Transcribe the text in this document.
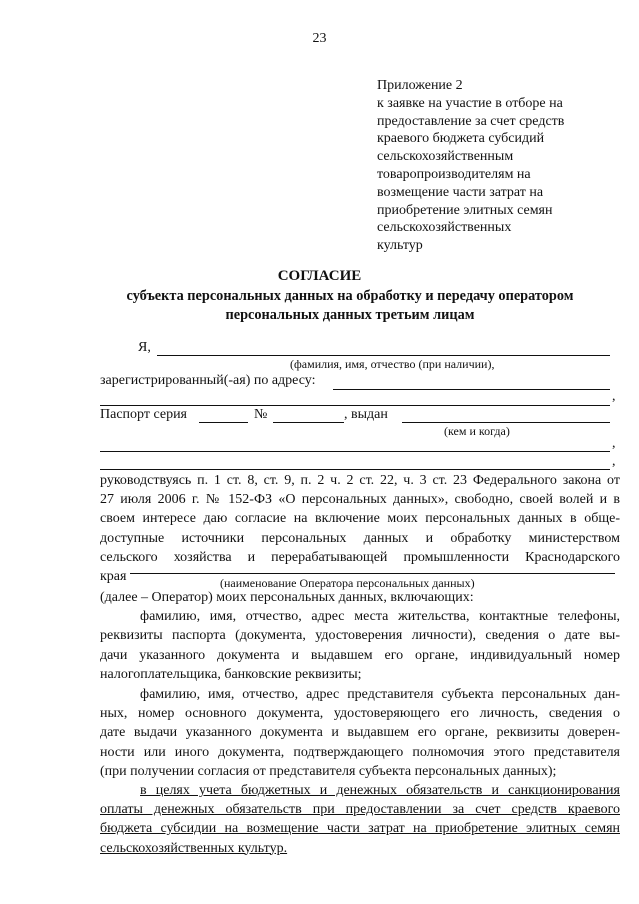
23
Приложение 2
к заявке на участие в отборе на
предоставление за счет средств
краевого бюджета субсидий
сельскохозяйственным
товаропроизводителям на
возмещение части затрат на
приобретение элитных семян
сельскохозяйственных
культур
СОГЛАСИЕ
субъекта персональных данных на обработку и передачу оператором
персональных данных третьим лицам
Я,
(фамилия, имя, отчество (при наличии),
зарегистрированный(-ая) по адресу:
,
Паспорт серия	№	, выдан
(кем и когда)
,
,
руководствуясь п. 1 ст. 8, ст. 9, п. 2 ч. 2 ст. 22, ч. 3 ст. 23 Федерального закона от
27 июля 2006 г. № 152-ФЗ «О персональных данных», свободно, своей волей и в
своем интересе даю согласие на включение моих персональных данных в обще-
доступные источники персональных данных и обработку министерством
сельского хозяйства и перерабатывающей промышленности Краснодарского
края	(наименование Оператора персональных данных)
(далее – Оператор) моих персональных данных, включающих:
фамилию, имя, отчество, адрес места жительства, контактные телефоны,
реквизиты паспорта (документа, удостоверения личности), сведения о дате вы-
дачи указанного документа и выдавшем его органе, индивидуальный номер
налогоплательщика, банковские реквизиты;
фамилию, имя, отчество, адрес представителя субъекта персональных дан-
ных, номер основного документа, удостоверяющего его личность, сведения о
дате выдачи указанного документа и выдавшем его органе, реквизиты доверен-
ности или иного документа, подтверждающего полномочия этого представителя
(при получении согласия от представителя субъекта персональных данных);
в целях учета бюджетных и денежных обязательств и санкционирования
оплаты денежных обязательств при предоставлении за счет средств краевого
бюджета субсидии на возмещение части затрат на приобретение элитных семян
сельскохозяйственных культур.
